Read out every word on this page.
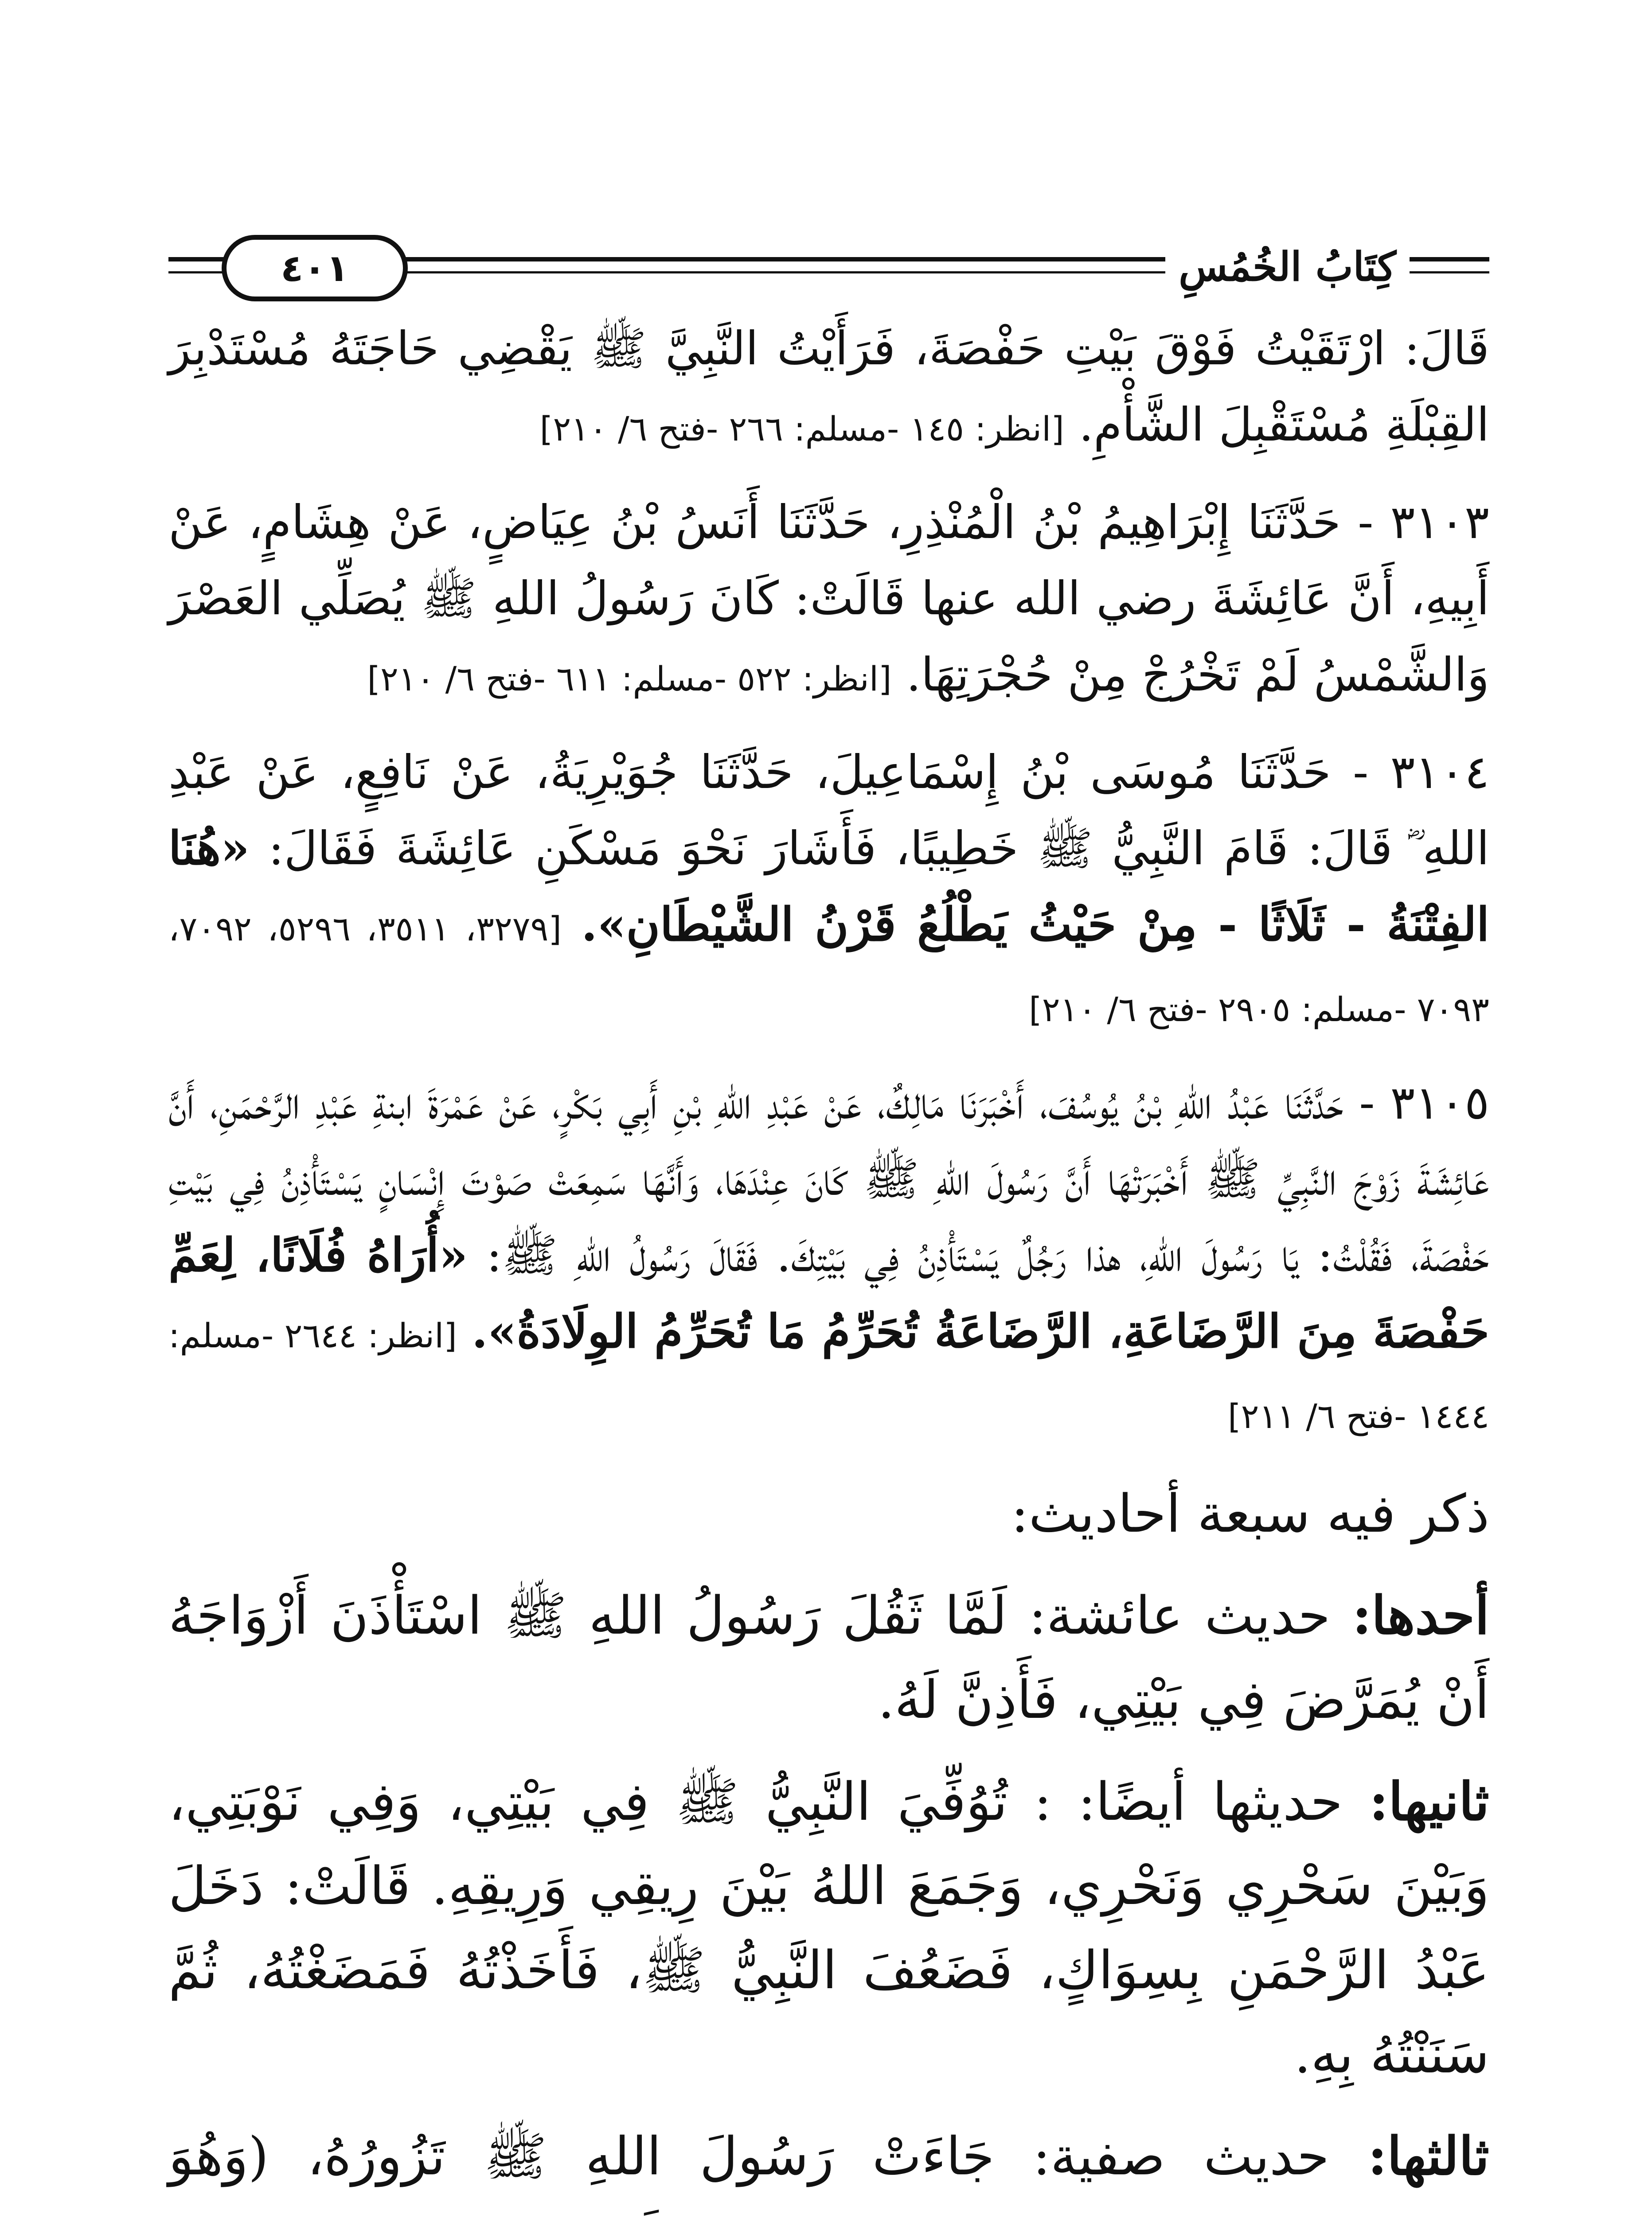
٤٠١	كِتَابُ الخُمُسِ

قَالَ: ارْتَقَيْتُ فَوْقَ بَيْتِ حَفْصَةَ، فَرَأَيْتُ النَّبِيَّ ﷺ يَقْضِي حَاجَتَهُ مُسْتَدْبِرَ القِبْلَةِ مُسْتَقْبِلَ الشَّأْمِ. [انظر: ١٤٥ -مسلم: ٢٦٦ -فتح ٦/ ٢١٠]

٣١٠٣ - حَدَّثَنَا إِبْرَاهِيمُ بْنُ الْمُنْذِرِ، حَدَّثَنَا أَنَسُ بْنُ عِيَاضٍ، عَنْ هِشَامٍ، عَنْ أَبِيهِ، أَنَّ عَائِشَةَ رضي الله عنها قَالَتْ: كَانَ رَسُولُ اللهِ ﷺ يُصَلِّي العَصْرَ وَالشَّمْسُ لَمْ تَخْرُجْ مِنْ حُجْرَتِهَا. [انظر: ٥٢٢ -مسلم: ٦١١ -فتح ٦/ ٢١٠]

٣١٠٤ - حَدَّثَنَا مُوسَى بْنُ إِسْمَاعِيلَ، حَدَّثَنَا جُوَيْرِيَةُ، عَنْ نَافِعٍ، عَنْ عَبْدِ اللهِ ؓ قَالَ: قَامَ النَّبِيُّ ﷺ خَطِيبًا، فَأَشَارَ نَحْوَ مَسْكَنِ عَائِشَةَ فَقَالَ: «هُنَا الفِتْنَةُ - ثَلَاثًا - مِنْ حَيْثُ يَطْلُعُ قَرْنُ الشَّيْطَانِ». [٣٢٧٩، ٣٥١١، ٥٢٩٦، ٧٠٩٢، ٧٠٩٣ -مسلم: ٢٩٠٥ -فتح ٦/ ٢١٠]

٣١٠٥ - حَدَّثَنَا عَبْدُ اللهِ بْنُ يُوسُفَ، أَخْبَرَنَا مَالِكٌ، عَنْ عَبْدِ اللهِ بْنِ أَبِي بَكْرٍ، عَنْ عَمْرَةَ ابنةِ عَبْدِ الرَّحْمَنِ، أَنَّ عَائِشَةَ زَوْجَ النَّبِيِّ ﷺ أَخْبَرَتْهَا أَنَّ رَسُولَ اللهِ ﷺ كَانَ عِنْدَهَا، وَأَنَّهَا سَمِعَتْ صَوْتَ إِنْسَانٍ يَسْتَأْذِنُ فِي بَيْتِ حَفْصَةَ، فَقُلْتُ: يَا رَسُولَ اللهِ، هذا رَجُلٌ يَسْتَأْذِنُ فِي بَيْتِكَ. فَقَالَ رَسُولُ اللهِ ﷺ: «أُرَاهُ فُلَانًا، لِعَمِّ حَفْصَةَ مِنَ الرَّضَاعَةِ، الرَّضَاعَةُ تُحَرِّمُ مَا تُحَرِّمُ الوِلَادَةُ». [انظر: ٢٦٤٤ -مسلم: ١٤٤٤ -فتح ٦/ ٢١١]

ذكر فيه سبعة أحاديث:

أحدها: حديث عائشة: لَمَّا ثَقُلَ رَسُولُ اللهِ ﷺ اسْتَأْذَنَ أَزْوَاجَهُ أَنْ يُمَرَّضَ فِي بَيْتِي، فَأَذِنَّ لَهُ.

ثانيها: حديثها أيضًا: : تُوُفِّيَ النَّبِيُّ ﷺ فِي بَيْتِي، وَفِي نَوْبَتِي، وَبَيْنَ سَحْرِي وَنَحْرِي، وَجَمَعَ اللهُ بَيْنَ رِيقِي وَرِيقِهِ. قَالَتْ: دَخَلَ عَبْدُ الرَّحْمَنِ بِسِوَاكٍ، فَضَعُفَ النَّبِيُّ ﷺ، فَأَخَذْتُهُ فَمَضَغْتُهُ، ثُمَّ سَنَنْتُهُ بِهِ.

ثالثها: حديث صفية: جَاءَتْ رَسُولَ اللهِ ﷺ تَزُورُهُ، (وَهُوَ
